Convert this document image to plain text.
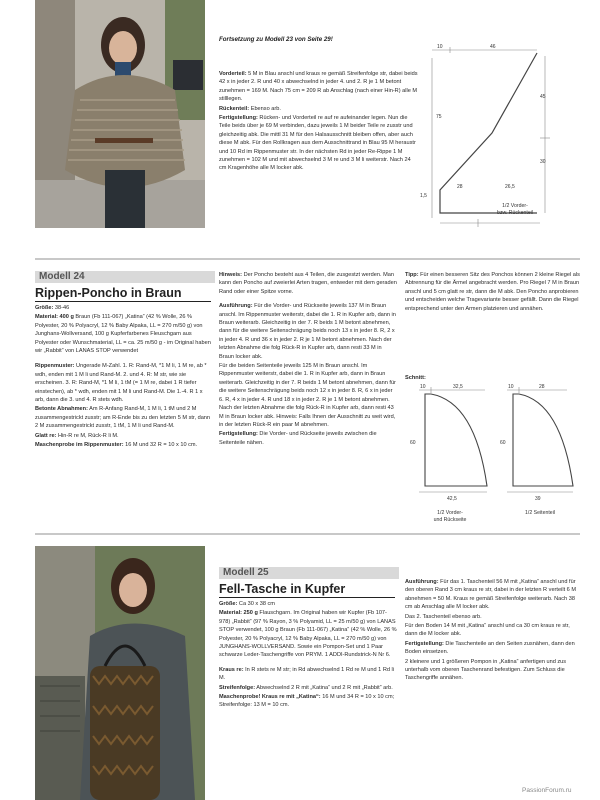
Fortsetzung zu Modell 23 von Seite 29!

Vorderteil: 5 M in Blau anschl und kraus re gemäß Streifenfolge str, dabei beids 42 x in jeder 2. R und 40 x abwechselnd in jeder 4. und 2. R je 1 M betont zunehmen = 169 M. Nach 75 cm = 209 R ab Anschlag (nach einer Hin-R) alle M stilllegen.

Rückenteil: Ebenso arb.

Fertigstellung: Rücken- und Vorderteil re auf re aufeinander legen. Nun die Teile beids über je 69 M verbinden, dazu jeweils 1 M beider Teile re zusstr und gleichzeitig abk. Die mittl 31 M für den Halsausschnitt bleiben offen, aber auch diese M abk. Für den Rollkragen aus dem Ausschnittrand in Blau 95 M heraustr und 10 Rd im Rippenmuster str. In der nächsten Rd in jeder Re-Rippe 1 M zunehmen = 102 M und mit abwechselnd 3 M re und 3 M li weiterstr. Nach 24 cm Kragenhöhe alle M locker abk.

10	46
45
75
30
28	26,5
1,5
1/2 Vorder-
bzw. Rückenteil
Modell 24
Rippen-Poncho in Braun

Größe: 38-46

Material: 400 g Braun (Fb 111-067) „Katina“ (42 % Wolle, 26 % Polyester, 20 % Polyacryl, 12 % Baby Alpaka, LL = 270 m/50 g) von Junghans-Wollversand, 100 g Kupferfarbenes Fleuschgarn aus Polyester oder Wunschmaterial, LL = ca. 25 m/50 g - im Original haben wir „Rabbit“ von LANAS STOP verwendet

Rippenmuster: Ungerade M-Zahl. 1. R: Rand-M, *1 M li, 1 M re, ab * wdh, enden mit 1 M li und Rand-M. 2. und 4. R: M str, wie sie erscheinen. 3. R: Rand-M, *1 M li, 1 tM (= 1 M re, dabei 1 R tiefer einstechen), ab * wdh, enden mit 1 M li und Rand-M. Die 1.-4. R 1 x arb, dann die 3. und 4. R stets wdh.

Betonte Abnahmen: Am R-Anfang Rand-M, 1 M li, 1 tM und 2 M zusammengestrickt zusstr; am R-Ende bis zu den letzten 5 M str, dann 2 M zusammengestrickt zusstr, 1 tM, 1 M li und Rand-M.

Glatt re: Hin-R re M, Rück-R li M.

Maschenprobe im Rippenmuster: 16 M und 32 R = 10 x 10 cm.

Hinweis: Der Poncho besteht aus 4 Teilen, die zusgestzt werden. Man kann den Poncho auf zweierlei Arten tragen, entweder mit dem geraden Rand oder einer Spitze vorne.

Ausführung: Für die Vorder- und Rückseite jeweils 137 M in Braun anschl. Im Rippenmuster weiterstr, dabei die 1. R in Kupfer arb, dann in Braun weiterarb. Gleichzeitig in der 7. R beids 1 M betont abnehmen, dann für die weitere Seitenschrägung beids noch 13 x in jeder 8. R, 2 x in jeder 4. R und 36 x in jeder 2. R je 1 M betont abnehmen. Nach der letzten Abnahme die folg Rück-R in Kupfer arb, dann resti 33 M in Braun locker abk.

Für die beiden Seitenteile jeweils 125 M in Braun anschl. Im Rippenmuster weiterstr, dabei die 1. R in Kupfer arb, dann in Braun weiterarb. Gleichzeitig in der 7. R beids 1 M betont abnehmen, dann für die weitere Seitenschrägung beids noch 12 x in jeder 8. R, 6 x in jeder 6. R, 4 x in jeder 4. R und 18 x in jeder 2. R je 1 M betont abnehmen. Nach der letzten Abnahme die folg Rück-R in Kupfer arb, dann resti 43 M in Braun locker abk. Hinweis: Falls Ihnen der Ausschnitt zu weit wird, in der letzten Rück-R ein paar M abnehmen.

Fertigstellung: Die Vorder- und Rückseite jeweils zwischen die Seitenteile nähen.

Tipp: Für einen besseren Sitz des Ponchos können 2 kleine Riegel als Abtrennung für die Ärmel angebracht werden. Pro Riegel 7 M in Braun anschl und 5 cm glatt re str, dann die M abk. Den Poncho anprobieren und entscheiden welche Tragevariante besser gefällt. Dann die Riegel entsprechend unter den Armen platzieren und annähen.

Schnitt:
10	32,5
60
42,5
1/2 Vorder-
und Rückseite
10	28
60
39
1/2 Seitenteil
Modell 25
Fell-Tasche in Kupfer

Größe: Ca 30 x 38 cm

Material: 250 g Flauschgarn. Im Original haben wir Kupfer (Fb 107-978) „Rabbit“ (97 % Rayon, 3 % Polyamid, LL = 25 m/50 g) von LANAS STOP verwendet, 100 g Braun (Fb 111-067) „Katina“ (42 % Wolle, 26 % Polyester, 20 % Polyacryl, 12 % Baby Alpaka, LL = 270 m/50 g) von JUNGHANS-WOLLVERSAND. Sowie ein Pompon-Set und 1 Paar schwarze Leder-Taschengriffe von PRYM. 1 ADDI-Rundstrick-N Nr 6.

Kraus re: In R stets re M str; in Rd abwechselnd 1 Rd re M und 1 Rd li M.

Streifenfolge: Abwechselnd 2 R mit „Katina“ und 2 R mit „Rabbit“ arb.

Maschenprobe! Kraus re mit „Katina“: 16 M und 34 R = 10 x 10 cm; Streifenfolge: 13 M = 10 cm.

Ausführung: Für das 1. Taschenteil 56 M mit „Katina“ anschl und für den oberen Rand 3 cm kraus re str, dabei in der letzten R verteilt 6 M abnehmen = 50 M. Kraus re gemäß Streifenfolge weiterarb. Nach 38 cm ab Anschlag alle M locker abk.

Das 2. Taschenteil ebenso arb.

Für den Boden 14 M mit „Katina“ anschl und ca 30 cm kraus re str, dann die M locker abk.

Fertigstellung: Die Taschenteile an den Seiten zusnähen, dann den Boden einsetzen.

2 kleinere und 1 größeren Pompon in „Katina“ anfertigen und zus unterhalb vom oberen Taschenrand befestigen. Zum Schluss die Taschengriffe annähen.

PassionForum.ru
